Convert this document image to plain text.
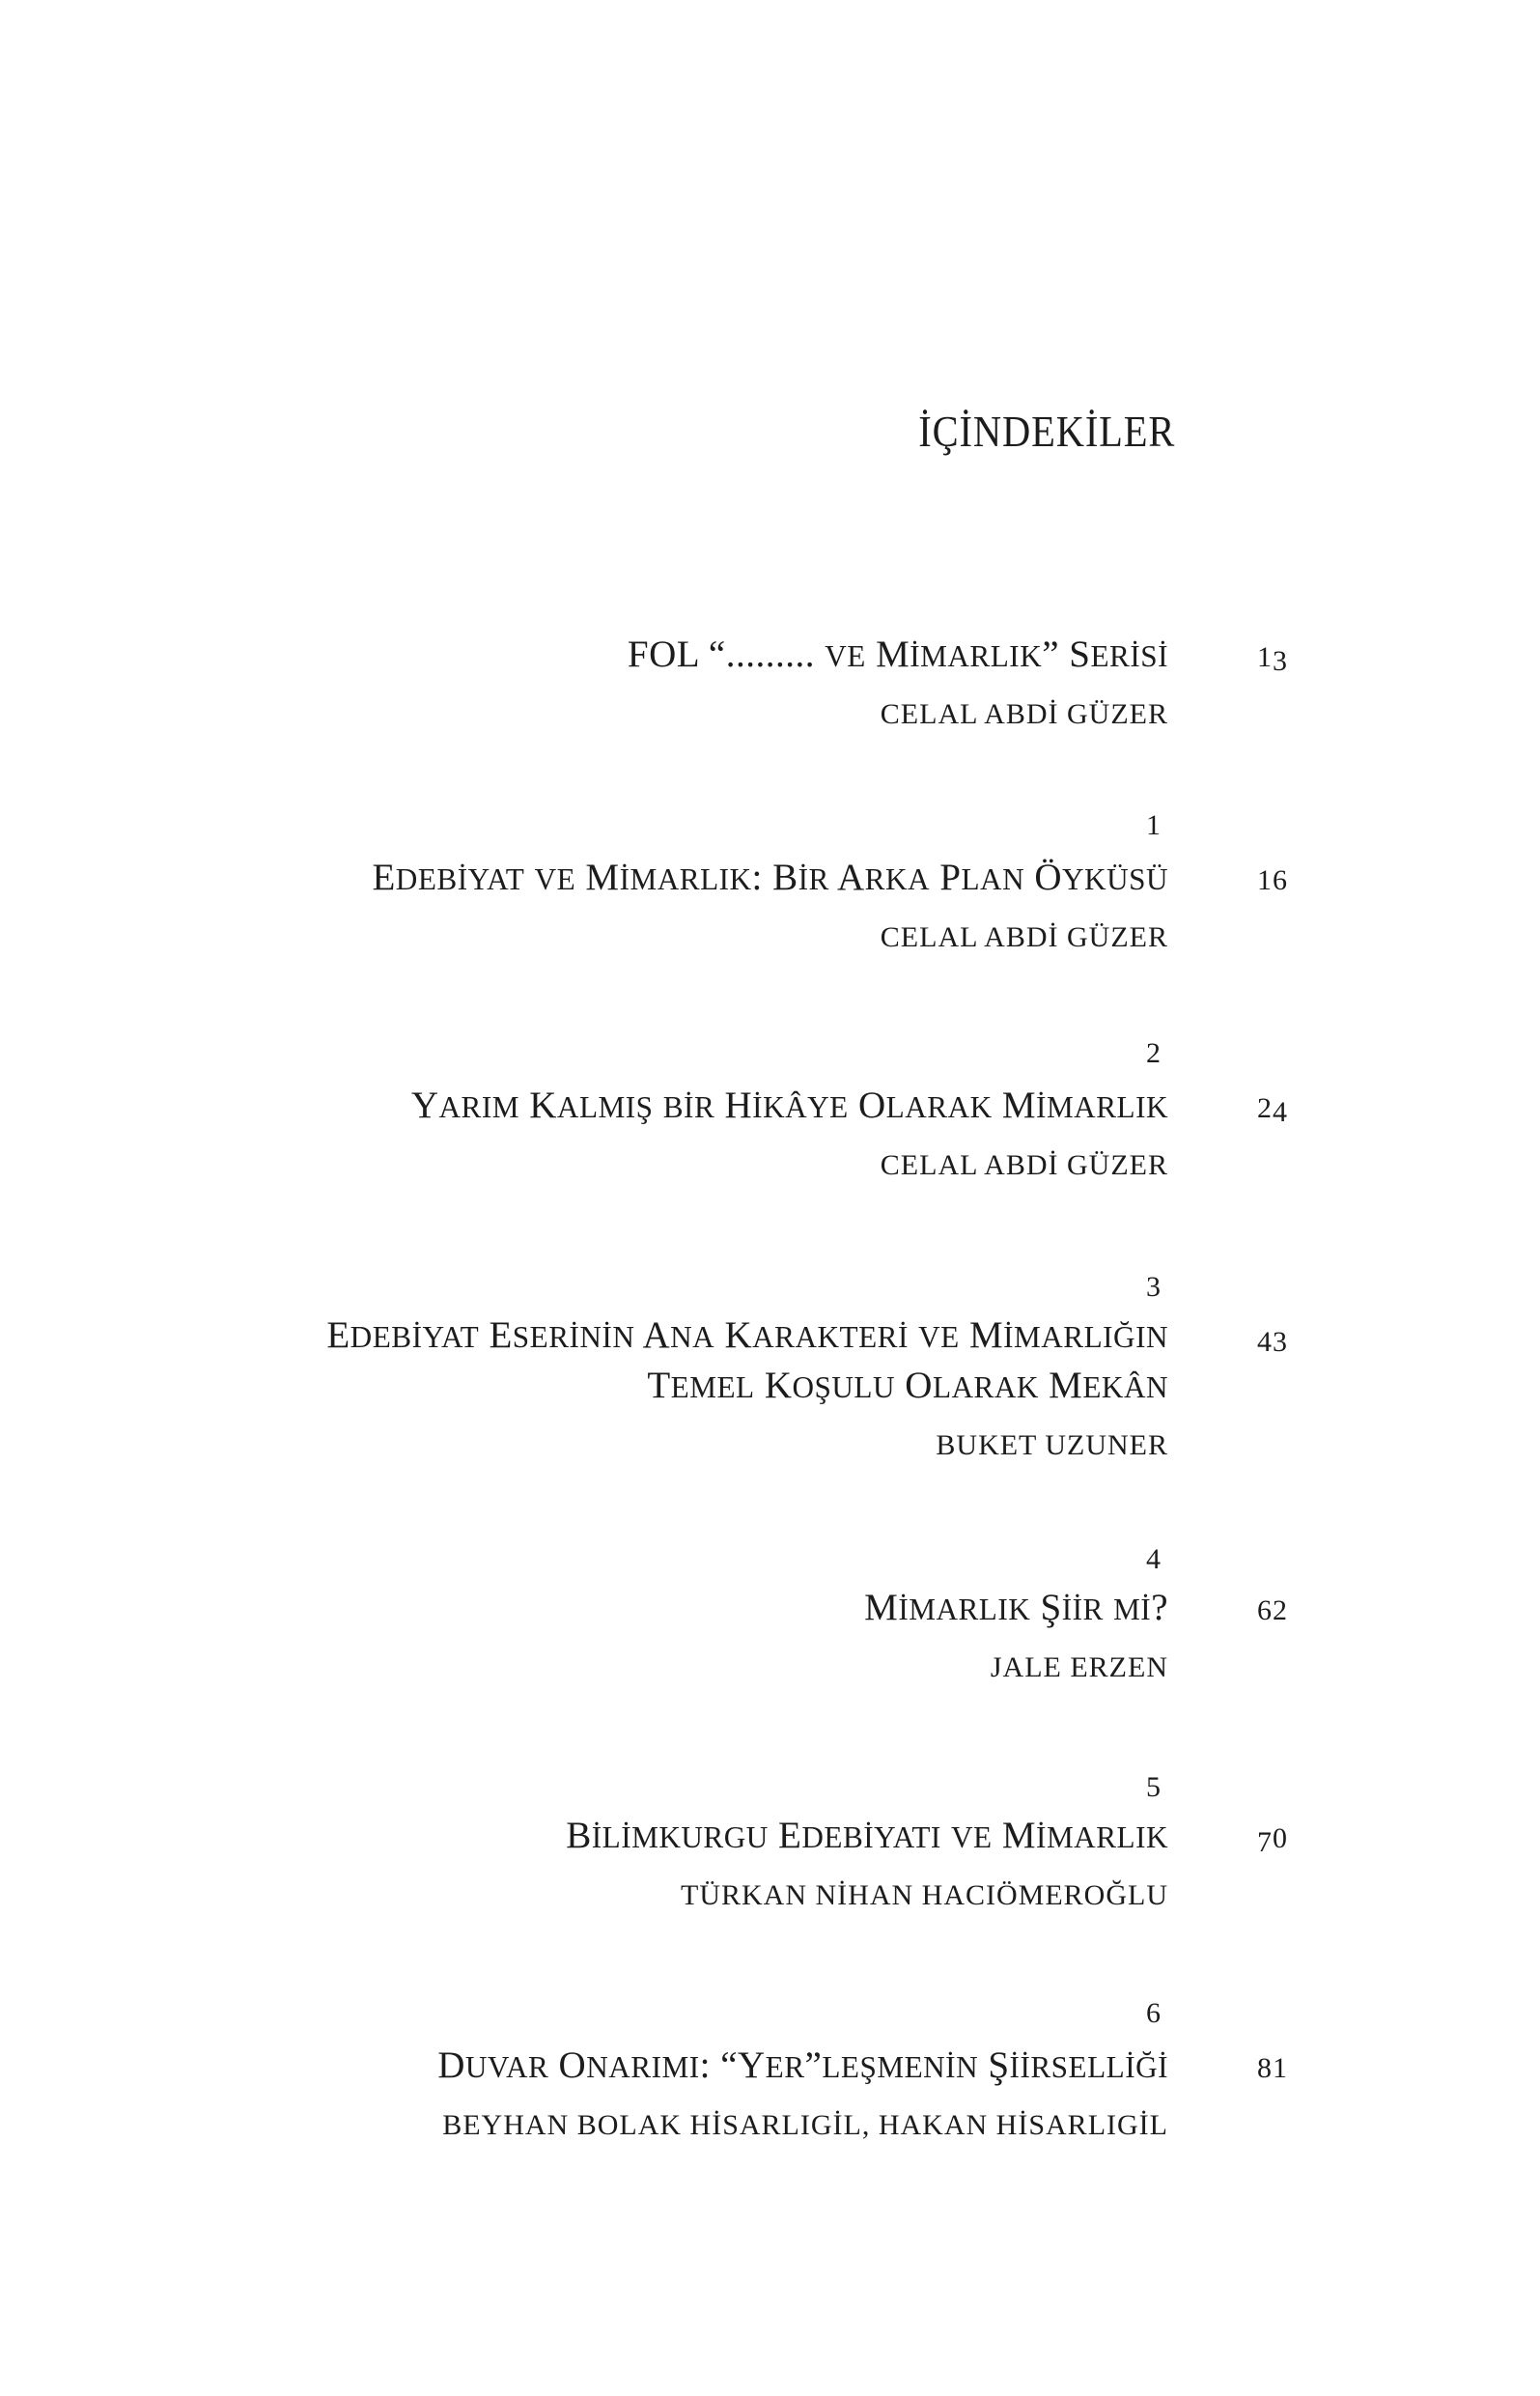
İÇİNDEKİLER
13
FOL “......... VE MİMARLIK” SERİSİ
CELAL ABDİ GÜZER
1
16
EDEBİYAT VE MİMARLIK: BİR ARKA PLAN ÖYKÜSÜ
CELAL ABDİ GÜZER
2
24
YARIM KALMIŞ BİR HİKÂYE OLARAK MİMARLIK
CELAL ABDİ GÜZER
3
43
EDEBİYAT ESERİNİN ANA KARAKTERİ VE MİMARLIĞIN
TEMEL KOŞULU OLARAK MEKÂN
BUKET UZUNER
4
62
MİMARLIK ŞİİR Mİ?
JALE ERZEN
5
70
BİLİMKURGU EDEBİYATI VE MİMARLIK
TÜRKAN NİHAN HACIÖMEROĞLU
6
81
DUVAR ONARIMI: “YER”LEŞMENİN ŞİİRSELLİĞİ
BEYHAN BOLAK HİSARLIGİL, HAKAN HİSARLIGİL
